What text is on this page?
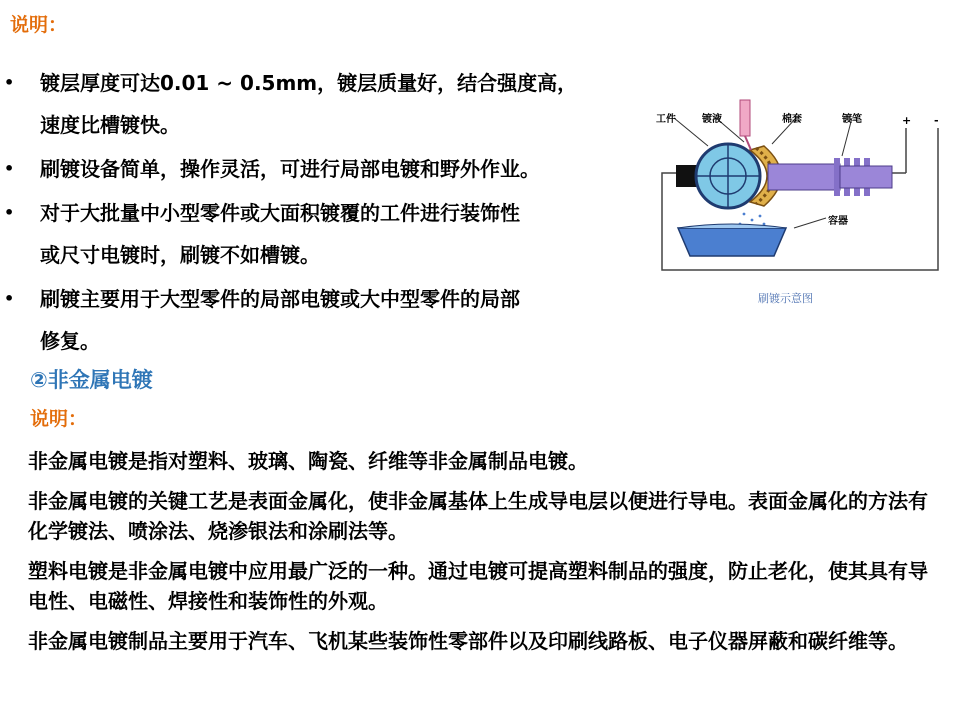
说明：
• 镀层厚度可达0.01 ~ 0.5mm，镀层质量好，结合强度高，
速度比槽镀快。
• 刷镀设备简单，操作灵活，可进行局部电镀和野外作业。
• 对于大批量中小型零件或大面积镀覆的工件进行装饰性
或尺寸电镀时，刷镀不如槽镀。
• 刷镀主要用于大型零件的局部电镀或大中型零件的局部
修复。
②非金属电镀
说明：

非金属电镀是指对塑料、玻璃、陶瓷、纤维等非金属制品电镀。

非金属电镀的关键工艺是表面金属化，使非金属基体上生成导电层以便进行导电。表面金属化的方法有化学镀法、喷涂法、烧渗银法和涂刷法等。

塑料电镀是非金属电镀中应用最广泛的一种。通过电镀可提高塑料制品的强度，防止老化，使其具有导电性、电磁性、焊接性和装饰性的外观。

非金属电镀制品主要用于汽车、飞机某些装饰性零部件以及印刷线路板、电子仪器屏蔽和碳纤维等。

工件	镀液	棉套	镀笔
容器
+ -
刷镀示意图
